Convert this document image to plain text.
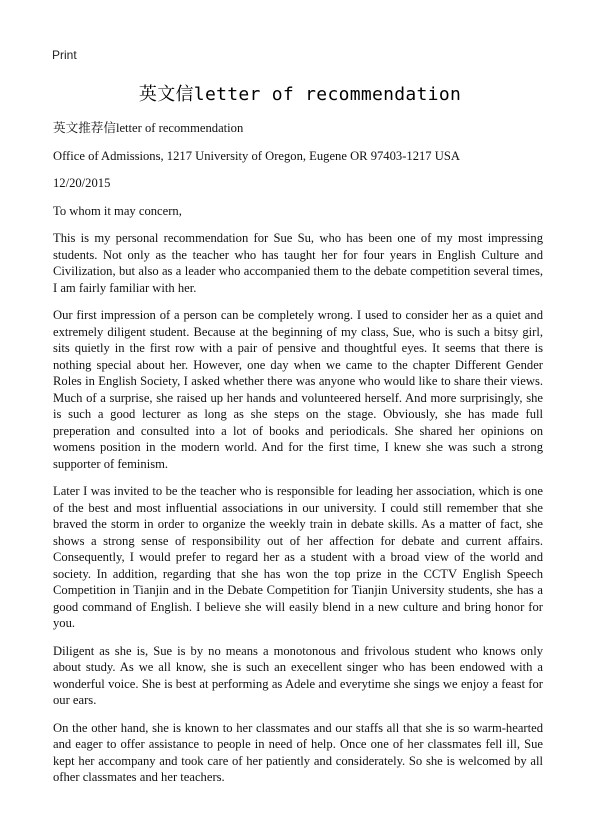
Print
英文信letter of recommendation

英文推荐信letter of recommendation

Office of Admissions, 1217 University of Oregon, Eugene OR 97403-1217 USA

12/20/2015

To whom it may concern,

This is my personal recommendation for Sue Su, who has been one of my most impressing students. Not only as the teacher who has taught her for four years in English Culture and Civilization, but also as a leader who accompanied them to the debate competition several times, I am fairly familiar with her.

Our first impression of a person can be completely wrong. I used to consider her as a quiet and extremely diligent student. Because at the beginning of my class, Sue, who is such a bitsy girl, sits quietly in the first row with a pair of pensive and thoughtful eyes. It seems that there is nothing special about her. However, one day when we came to the chapter Different Gender Roles in English Society, I asked whether there was anyone who would like to share their views. Much of a surprise, she raised up her hands and volunteered herself. And more surprisingly, she is such a good lecturer as long as she steps on the stage. Obviously, she has made full preperation and consulted into a lot of books and periodicals. She shared her opinions on womens position in the modern world. And for the first time, I knew she was such a strong supporter of feminism.

Later I was invited to be the teacher who is responsible for leading her association, which is one of the best and most influential associations in our university. I could still remember that she braved the storm in order to organize the weekly train in debate skills. As a matter of fact, she shows a strong sense of responsibility out of her affection for debate and current affairs. Consequently, I would prefer to regard her as a student with a broad view of the world and society. In addition, regarding that she has won the top prize in the CCTV English Speech Competition in Tianjin and in the Debate Competition for Tianjin University students, she has a good command of English. I believe she will easily blend in a new culture and bring honor for you.

Diligent as she is, Sue is by no means a monotonous and frivolous student who knows only about study. As we all know, she is such an execellent singer who has been endowed with a wonderful voice. She is best at performing as Adele and everytime she sings we enjoy a feast for our ears.

On the other hand, she is known to her classmates and our staffs all that she is so warm-hearted and eager to offer assistance to people in need of help. Once one of her classmates fell ill, Sue kept her accompany and took care of her patiently and considerately. So she is welcomed by all ofher classmates and her teachers.
